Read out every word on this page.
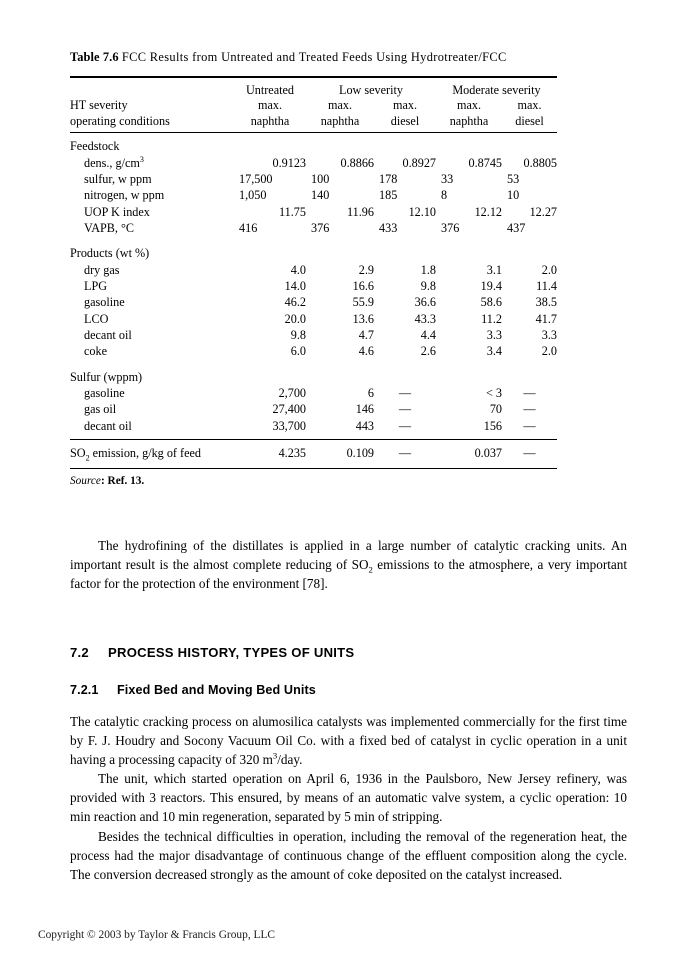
Table 7.6 FCC Results from Untreated and Treated Feeds Using Hydrotreater/FCC

	Untreated	Low severity		Moderate severity	
HT severity	max.	max.	max.	max.	max.
operating conditions	naphtha	naphtha	diesel	naphtha	diesel

Feedstock					
dens., $g/cm^3$	0.9123	0.8866	0.8927	0.8745	0.8805
sulfur, w ppm	17,500	100	178	33	53
nitrogen, w ppm	1,050	140	185	8	10
UOP K index	11.75	11.96	12.10	12.12	12.27
VAPB, °C	416	376	433	376	437

Products (wt %)					
dry gas	4.0	2.9	1.8	3.1	2.0
LPG	14.0	16.6	9.8	19.4	11.4
gasoline	46.2	55.9	36.6	58.6	38.5
LCO	20.0	13.6	43.3	11.2	41.7
decant oil	9.8	4.7	4.4	3.3	3.3
coke	6.0	4.6	2.6	3.4	2.0

Sulfur (wppm)					
gasoline	2,700	6	—	< 3	—
gas oil	27,400	146	—	70	—
decant oil	33,700	443	—	156	—

$SO_2$ emission, g/kg of feed	4.235	0.109	—	0.037	—

Source: Ref. 13.

The hydrofining of the distillates is applied in a large number of catalytic cracking units. An important result is the almost complete reducing of $SO_2$ emissions to the atmosphere, a very important factor for the protection of the environment [78].

7.2 PROCESS HISTORY, TYPES OF UNITS
7.2.1 Fixed Bed and Moving Bed Units

The catalytic cracking process on alumosilica catalysts was implemented commercially for the first time by F. J. Houdry and Socony Vacuum Oil Co. with a fixed bed of catalyst in cyclic operation in a unit having a processing capacity of 320 $m^3$/day.

The unit, which started operation on April 6, 1936 in the Paulsboro, New Jersey refinery, was provided with 3 reactors. This ensured, by means of an automatic valve system, a cyclic operation: 10 min reaction and 10 min regeneration, separated by 5 min of stripping.

Besides the technical difficulties in operation, including the removal of the regeneration heat, the process had the major disadvantage of continuous change of the effluent composition along the cycle. The conversion decreased strongly as the amount of coke deposited on the catalyst increased.

Copyright © 2003 by Taylor & Francis Group, LLC
